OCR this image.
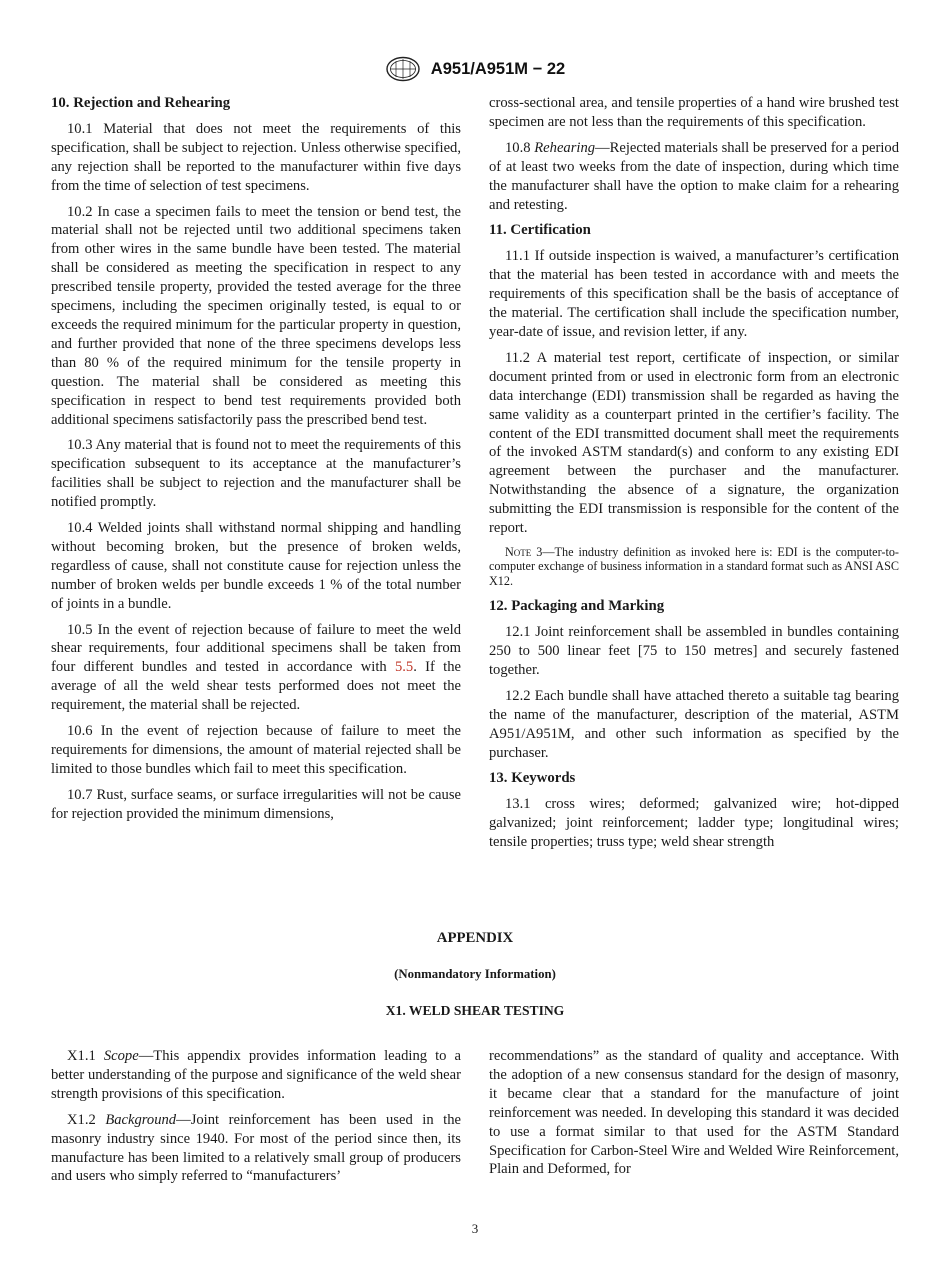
A951/A951M − 22
10. Rejection and Rehearing

10.1 Material that does not meet the requirements of this specification, shall be subject to rejection. Unless otherwise specified, any rejection shall be reported to the manufacturer within five days from the time of selection of test specimens.

10.2 In case a specimen fails to meet the tension or bend test, the material shall not be rejected until two additional specimens taken from other wires in the same bundle have been tested. The material shall be considered as meeting the specification in respect to any prescribed tensile property, provided the tested average for the three specimens, including the specimen originally tested, is equal to or exceeds the required minimum for the particular property in question, and further provided that none of the three specimens develops less than 80 % of the required minimum for the tensile property in question. The material shall be considered as meeting this specification in respect to bend test requirements provided both additional specimens satisfactorily pass the prescribed bend test.

10.3 Any material that is found not to meet the requirements of this specification subsequent to its acceptance at the manufacturer’s facilities shall be subject to rejection and the manufacturer shall be notified promptly.

10.4 Welded joints shall withstand normal shipping and handling without becoming broken, but the presence of broken welds, regardless of cause, shall not constitute cause for rejection unless the number of broken welds per bundle exceeds 1 % of the total number of joints in a bundle.

10.5 In the event of rejection because of failure to meet the weld shear requirements, four additional specimens shall be taken from four different bundles and tested in accordance with 5.5. If the average of all the weld shear tests performed does not meet the requirement, the material shall be rejected.

10.6 In the event of rejection because of failure to meet the requirements for dimensions, the amount of material rejected shall be limited to those bundles which fail to meet this specification.

10.7 Rust, surface seams, or surface irregularities will not be cause for rejection provided the minimum dimensions,

cross-sectional area, and tensile properties of a hand wire brushed test specimen are not less than the requirements of this specification.

10.8 Rehearing—Rejected materials shall be preserved for a period of at least two weeks from the date of inspection, during which time the manufacturer shall have the option to make claim for a rehearing and retesting.

11. Certification

11.1 If outside inspection is waived, a manufacturer’s certification that the material has been tested in accordance with and meets the requirements of this specification shall be the basis of acceptance of the material. The certification shall include the specification number, year-date of issue, and revision letter, if any.

11.2 A material test report, certificate of inspection, or similar document printed from or used in electronic form from an electronic data interchange (EDI) transmission shall be regarded as having the same validity as a counterpart printed in the certifier’s facility. The content of the EDI transmitted document shall meet the requirements of the invoked ASTM standard(s) and conform to any existing EDI agreement between the purchaser and the manufacturer. Notwithstanding the absence of a signature, the organization submitting the EDI transmission is responsible for the content of the report.

Note 3—The industry definition as invoked here is: EDI is the computer-to-computer exchange of business information in a standard format such as ANSI ASC X12.
12. Packaging and Marking

12.1 Joint reinforcement shall be assembled in bundles containing 250 to 500 linear feet [75 to 150 metres] and securely fastened together.

12.2 Each bundle shall have attached thereto a suitable tag bearing the name of the manufacturer, description of the material, ASTM A951/A951M, and other such information as specified by the purchaser.

13. Keywords

13.1 cross wires; deformed; galvanized wire; hot-dipped galvanized; joint reinforcement; ladder type; longitudinal wires; tensile properties; truss type; weld shear strength

APPENDIX
(Nonmandatory Information)
X1. WELD SHEAR TESTING

X1.1 Scope—This appendix provides information leading to a better understanding of the purpose and significance of the weld shear strength provisions of this specification.

X1.2 Background—Joint reinforcement has been used in the masonry industry since 1940. For most of the period since then, its manufacture has been limited to a relatively small group of producers and users who simply referred to “manufacturers’

recommendations” as the standard of quality and acceptance. With the adoption of a new consensus standard for the design of masonry, it became clear that a standard for the manufacture of joint reinforcement was needed. In developing this standard it was decided to use a format similar to that used for the ASTM Standard Specification for Carbon-Steel Wire and Welded Wire Reinforcement, Plain and Deformed, for

3
